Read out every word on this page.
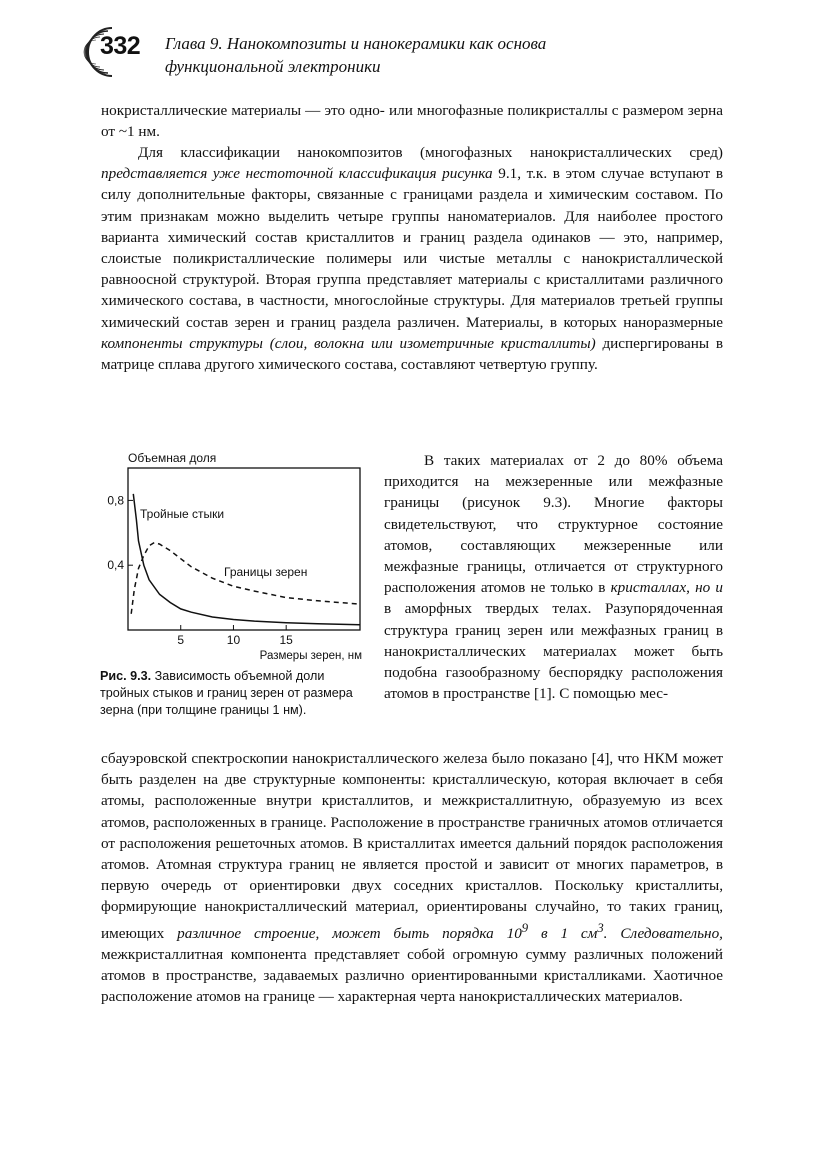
332 Глава 9. Нанокомпозиты и нанокерамики как основа
функциональной электроники
нокристаллические материалы — это одно- или многофазные поликристаллы с размером зерна от ~1 нм.
Для классификации нанокомпозитов (многофазных нанокристаллических сред) представляется уже нестоточной классификация рисунка 9.1, т.к. в этом случае вступают в силу дополнительные факторы, связанные с границами раздела и химическим составом. По этим признакам можно выделить четыре группы наноматериалов. Для наиболее простого варианта химический состав кристаллитов и границ раздела одинаков — это, например, слоистые поликристаллические полимеры или чистые металлы с нанокристаллической равноосной структурой. Вторая группа представляет материалы с кристаллитами различного химического состава, в частности, многослойные структуры. Для материалов третьей группы химический состав зерен и границ раздела различен. Материалы, в которых наноразмерные компоненты структуры (слои, волокна или изометричные кристаллиты) диспергированы в матрице сплава другого химического состава, составляют четвертую группу.
Объемная доля
Размеры зерен, нм
Тройные стыки
Границы зерен
5	10	15
0,4
0,8
Рис. 9.3. Зависимость объемной доли тройных стыков и границ зерен от размера зерна (при толщине границы 1 нм).
В таких материалах от 2 до 80% объема приходится на межзеренные или межфазные границы (рисунок 9.3). Многие факторы свидетельствуют, что структурное состояние атомов, составляющих межзеренные или межфазные границы, отличается от структурного расположения атомов не только в кристаллах, но и в аморфных твердых телах. Разупорядоченная структура границ зерен или межфазных границ в нанокристаллических материалах может быть подобна газообразному беспорядку расположения атомов в пространстве [1]. С помощью мес-
сбауэровской спектроскопии нанокристаллического железа было показано [4], что НКМ может быть разделен на две структурные компоненты: кристаллическую, которая включает в себя атомы, расположенные внутри кристаллитов, и межкристаллитную, образуемую из всех атомов, расположенных в границе. Расположение в пространстве граничных атомов отличается от расположения решеточных атомов. В кристаллитах имеется дальний порядок расположения атомов. Атомная структура границ не является простой и зависит от многих параметров, в первую очередь от ориентировки двух соседних кристаллов. Поскольку кристаллиты, формирующие нанокристаллический материал, ориентированы случайно, то таких границ, имеющих различное строение, может быть порядка $10^9$ в 1 $см^3$. Следовательно, межкристаллитная компонента представляет собой огромную сумму различных положений атомов в пространстве, задаваемых различно ориентированными кристалликами. Хаотичное расположение атомов на границе — характерная черта нанокристаллических материалов.
